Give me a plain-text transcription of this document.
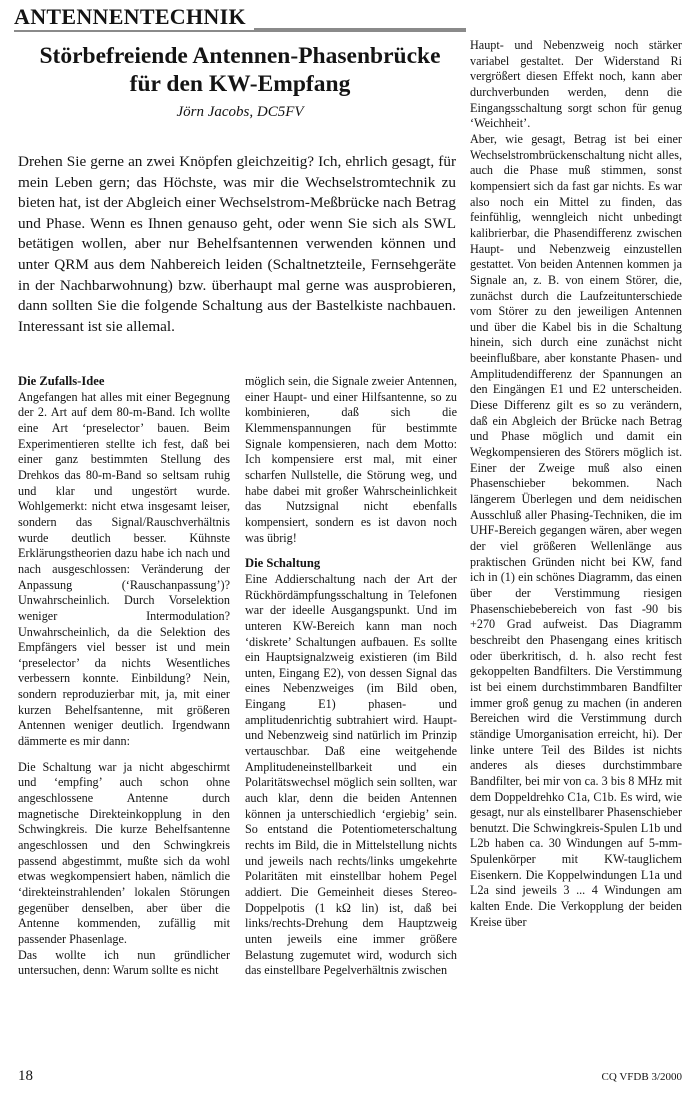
ANTENNENTECHNIK
Störbefreiende Antennen-Phasenbrücke
für den KW-Empfang
Jörn Jacobs, DC5FV
Drehen Sie gerne an zwei Knöpfen gleichzeitig? Ich, ehrlich gesagt, für mein Leben gern; das Höchste, was mir die Wechselstromtechnik zu bieten hat, ist der Abgleich einer Wechselstrom-Meßbrücke nach Betrag und Phase. Wenn es Ihnen genauso geht, oder wenn Sie sich als SWL betätigen wollen, aber nur Behelfsantennen verwenden können und unter QRM aus dem Nahbereich leiden (Schaltnetzteile, Fernsehgeräte in der Nachbarwohnung) bzw. überhaupt mal gerne was ausprobieren, dann sollten Sie die folgende Schaltung aus der Bastelkiste nachbauen. Interessant ist sie allemal.
Die Zufalls-Idee

Angefangen hat alles mit einer Begegnung der 2. Art auf dem 80-m-Band. Ich wollte eine Art ‘preselector’ bauen. Beim Experimentieren stellte ich fest, daß bei einer ganz bestimmten Stellung des Drehkos das 80-m-Band so seltsam ruhig und klar und ungestört wurde. Wohlgemerkt: nicht etwa insgesamt leiser, sondern das Signal/Rauschverhältnis wurde deutlich besser. Kühnste Erklärungstheorien dazu habe ich nach und nach ausgeschlossen: Veränderung der Anpassung (‘Rauschanpassung’)? Unwahrscheinlich. Durch Vorselektion weniger Intermodulation? Unwahrscheinlich, da die Selektion des Empfängers viel besser ist und mein ‘preselector’ da nichts Wesentliches verbessern konnte. Einbildung? Nein, sondern reproduzierbar mit, ja, mit einer kurzen Behelfsantenne, mit größeren Antennen weniger deutlich. Irgendwann dämmerte es mir dann:

Die Schaltung war ja nicht abgeschirmt und ‘empfing’ auch schon ohne angeschlossene Antenne durch magnetische Direkteinkopplung in den Schwingkreis. Die kurze Behelfsantenne angeschlossen und den Schwingkreis passend abgestimmt, mußte sich da wohl etwas wegkompensiert haben, nämlich die ‘direkteinstrahlenden’ lokalen Störungen gegenüber denselben, aber über die Antenne kommenden, zufällig mit passender Phasenlage.

Das wollte ich nun gründlicher untersuchen, denn: Warum sollte es nicht

möglich sein, die Signale zweier Antennen, einer Haupt- und einer Hilfsantenne, so zu kombinieren, daß sich die Klemmenspannungen für bestimmte Signale kompensieren, nach dem Motto: Ich kompensiere erst mal, mit einer scharfen Nullstelle, die Störung weg, und habe dabei mit großer Wahrscheinlichkeit das Nutzsignal nicht ebenfalls kompensiert, sondern es ist davon noch was übrig!

Die Schaltung

Eine Addierschaltung nach der Art der Rückhördämpfungsschaltung in Telefonen war der ideelle Ausgangspunkt. Und im unteren KW-Bereich kann man noch ‘diskrete’ Schaltungen aufbauen. Es sollte ein Hauptsignalzweig existieren (im Bild unten, Eingang E2), von dessen Signal das eines Nebenzweiges (im Bild oben, Eingang E1) phasen- und amplitudenrichtig subtrahiert wird. Haupt- und Nebenzweig sind natürlich im Prinzip vertauschbar. Daß eine weitgehende Amplitudeneinstellbarkeit und ein Polaritätswechsel möglich sein sollten, war auch klar, denn die beiden Antennen können ja unterschiedlich ‘ergiebig’ sein. So entstand die Potentiometerschaltung rechts im Bild, die in Mittelstellung nichts und jeweils nach rechts/links umgekehrte Polaritäten mit einstellbar hohem Pegel addiert. Die Gemeinheit dieses Stereo-Doppelpotis (1 kΩ lin) ist, daß bei links/rechts-Drehung dem Hauptzweig unten jeweils eine immer größere Belastung zugemutet wird, wodurch sich das einstellbare Pegelverhältnis zwischen

Haupt- und Nebenzweig noch stärker variabel gestaltet. Der Widerstand Ri vergrößert diesen Effekt noch, kann aber durchverbunden werden, denn die Eingangsschaltung sorgt schon für genug ‘Weichheit’.

Aber, wie gesagt, Betrag ist bei einer Wechselstrombrückenschaltung nicht alles, auch die Phase muß stimmen, sonst kompensiert sich da fast gar nichts. Es war also noch ein Mittel zu finden, das feinfühlig, wenngleich nicht unbedingt kalibrierbar, die Phasendifferenz zwischen Haupt- und Nebenzweig einzustellen gestattet. Von beiden Antennen kommen ja Signale an, z. B. von einem Störer, die, zunächst durch die Laufzeitunterschiede vom Störer zu den jeweiligen Antennen und über die Kabel bis in die Schaltung hinein, sich durch eine zunächst nicht beeinflußbare, aber konstante Phasen- und Amplitudendifferenz der Spannungen an den Eingängen E1 und E2 unterscheiden. Diese Differenz gilt es so zu verändern, daß ein Abgleich der Brücke nach Betrag und Phase möglich und damit ein Wegkompensieren des Störers möglich ist. Einer der Zweige muß also einen Phasenschieber bekommen. Nach längerem Überlegen und dem neidischen Ausschluß aller Phasing-Techniken, die im UHF-Bereich gegangen wären, aber wegen der viel größeren Wellenlänge aus praktischen Gründen nicht bei KW, fand ich in (1) ein schönes Diagramm, das einen über der Verstimmung riesigen Phasenschiebebereich von fast -90 bis +270 Grad aufweist. Das Diagramm beschreibt den Phasengang eines kritisch oder überkritisch, d. h. also recht fest gekoppelten Bandfilters. Die Verstimmung ist bei einem durchstimmbaren Bandfilter immer groß genug zu machen (in anderen Bereichen wird die Verstimmung durch ständige Umorganisation erreicht, hi). Der linke untere Teil des Bildes ist nichts anderes als dieses durchstimmbare Bandfilter, bei mir von ca. 3 bis 8 MHz mit dem Doppeldrehko C1a, C1b. Es wird, wie gesagt, nur als einstellbarer Phasenschieber benutzt. Die Schwingkreis-Spulen L1b und L2b haben ca. 30 Windungen auf 5-mm-Spulenkörper mit KW-tauglichem Eisenkern. Die Koppelwindungen L1a und L2a sind jeweils 3 ... 4 Windungen am kalten Ende. Die Verkopplung der beiden Kreise über

18	CQ VFDB 3/2000
